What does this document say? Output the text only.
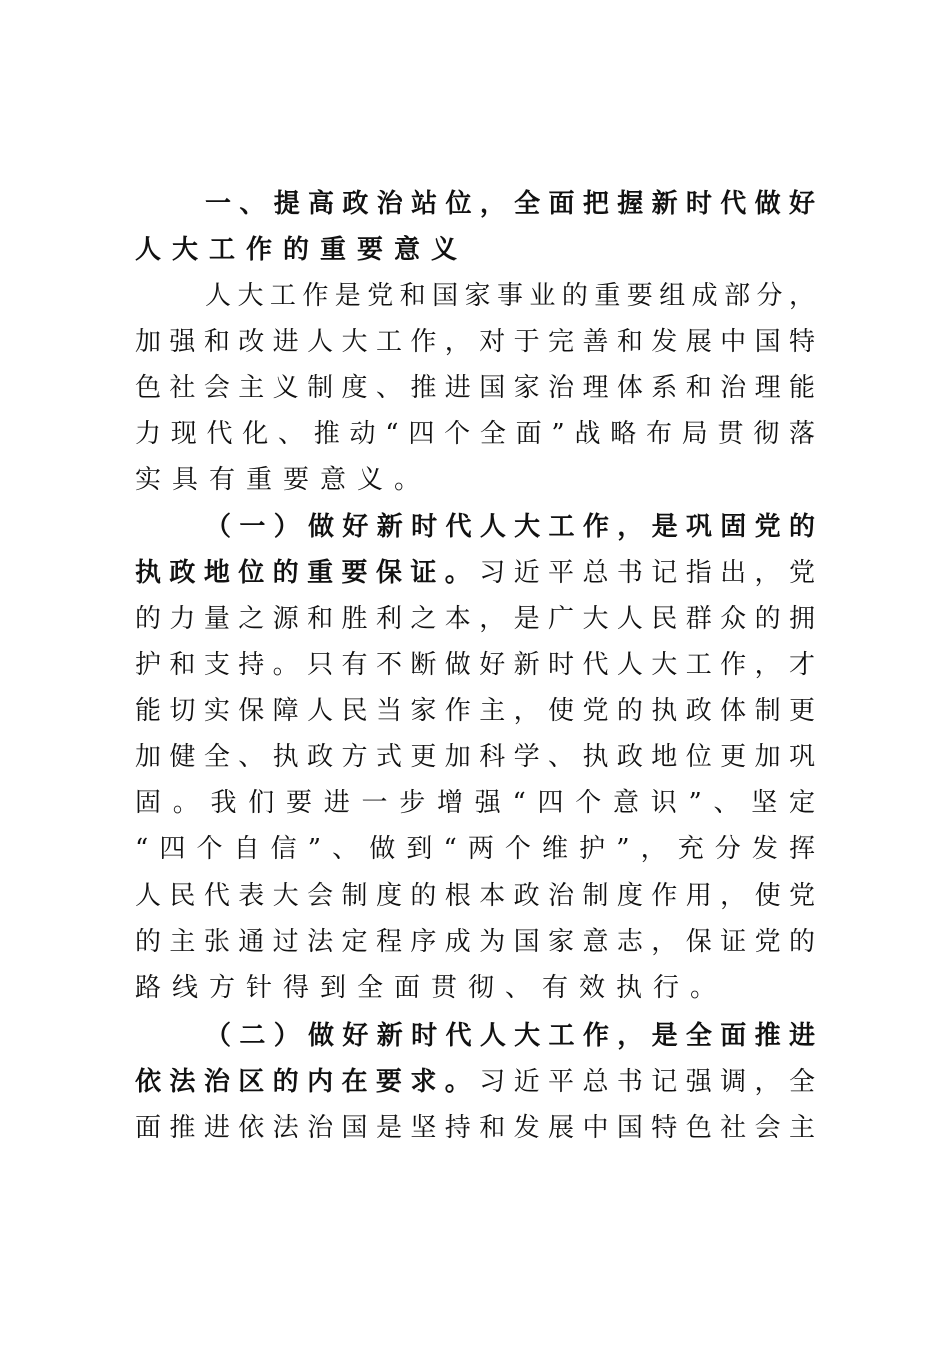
一、提高政治站位，全面把握新时代做好
人大工作的重要意义
人大工作是党和国家事业的重要组成部分，
加强和改进人大工作，对于完善和发展中国特
色社会主义制度、推进国家治理体系和治理能
力现代化、推动“四个全面”战略布局贯彻落
实具有重要意义。
（一）做好新时代人大工作，是巩固党的
执政地位的重要保证。习近平总书记指出，党
的力量之源和胜利之本，是广大人民群众的拥
护和支持。只有不断做好新时代人大工作，才
能切实保障人民当家作主，使党的执政体制更
加健全、执政方式更加科学、执政地位更加巩
固。我们要进一步增强“四个意识”、坚定
“四个自信”、做到“两个维护”，充分发挥
人民代表大会制度的根本政治制度作用，使党
的主张通过法定程序成为国家意志，保证党的
路线方针得到全面贯彻、有效执行。
（二）做好新时代人大工作，是全面推进
依法治区的内在要求。习近平总书记强调，全
面推进依法治国是坚持和发展中国特色社会主
